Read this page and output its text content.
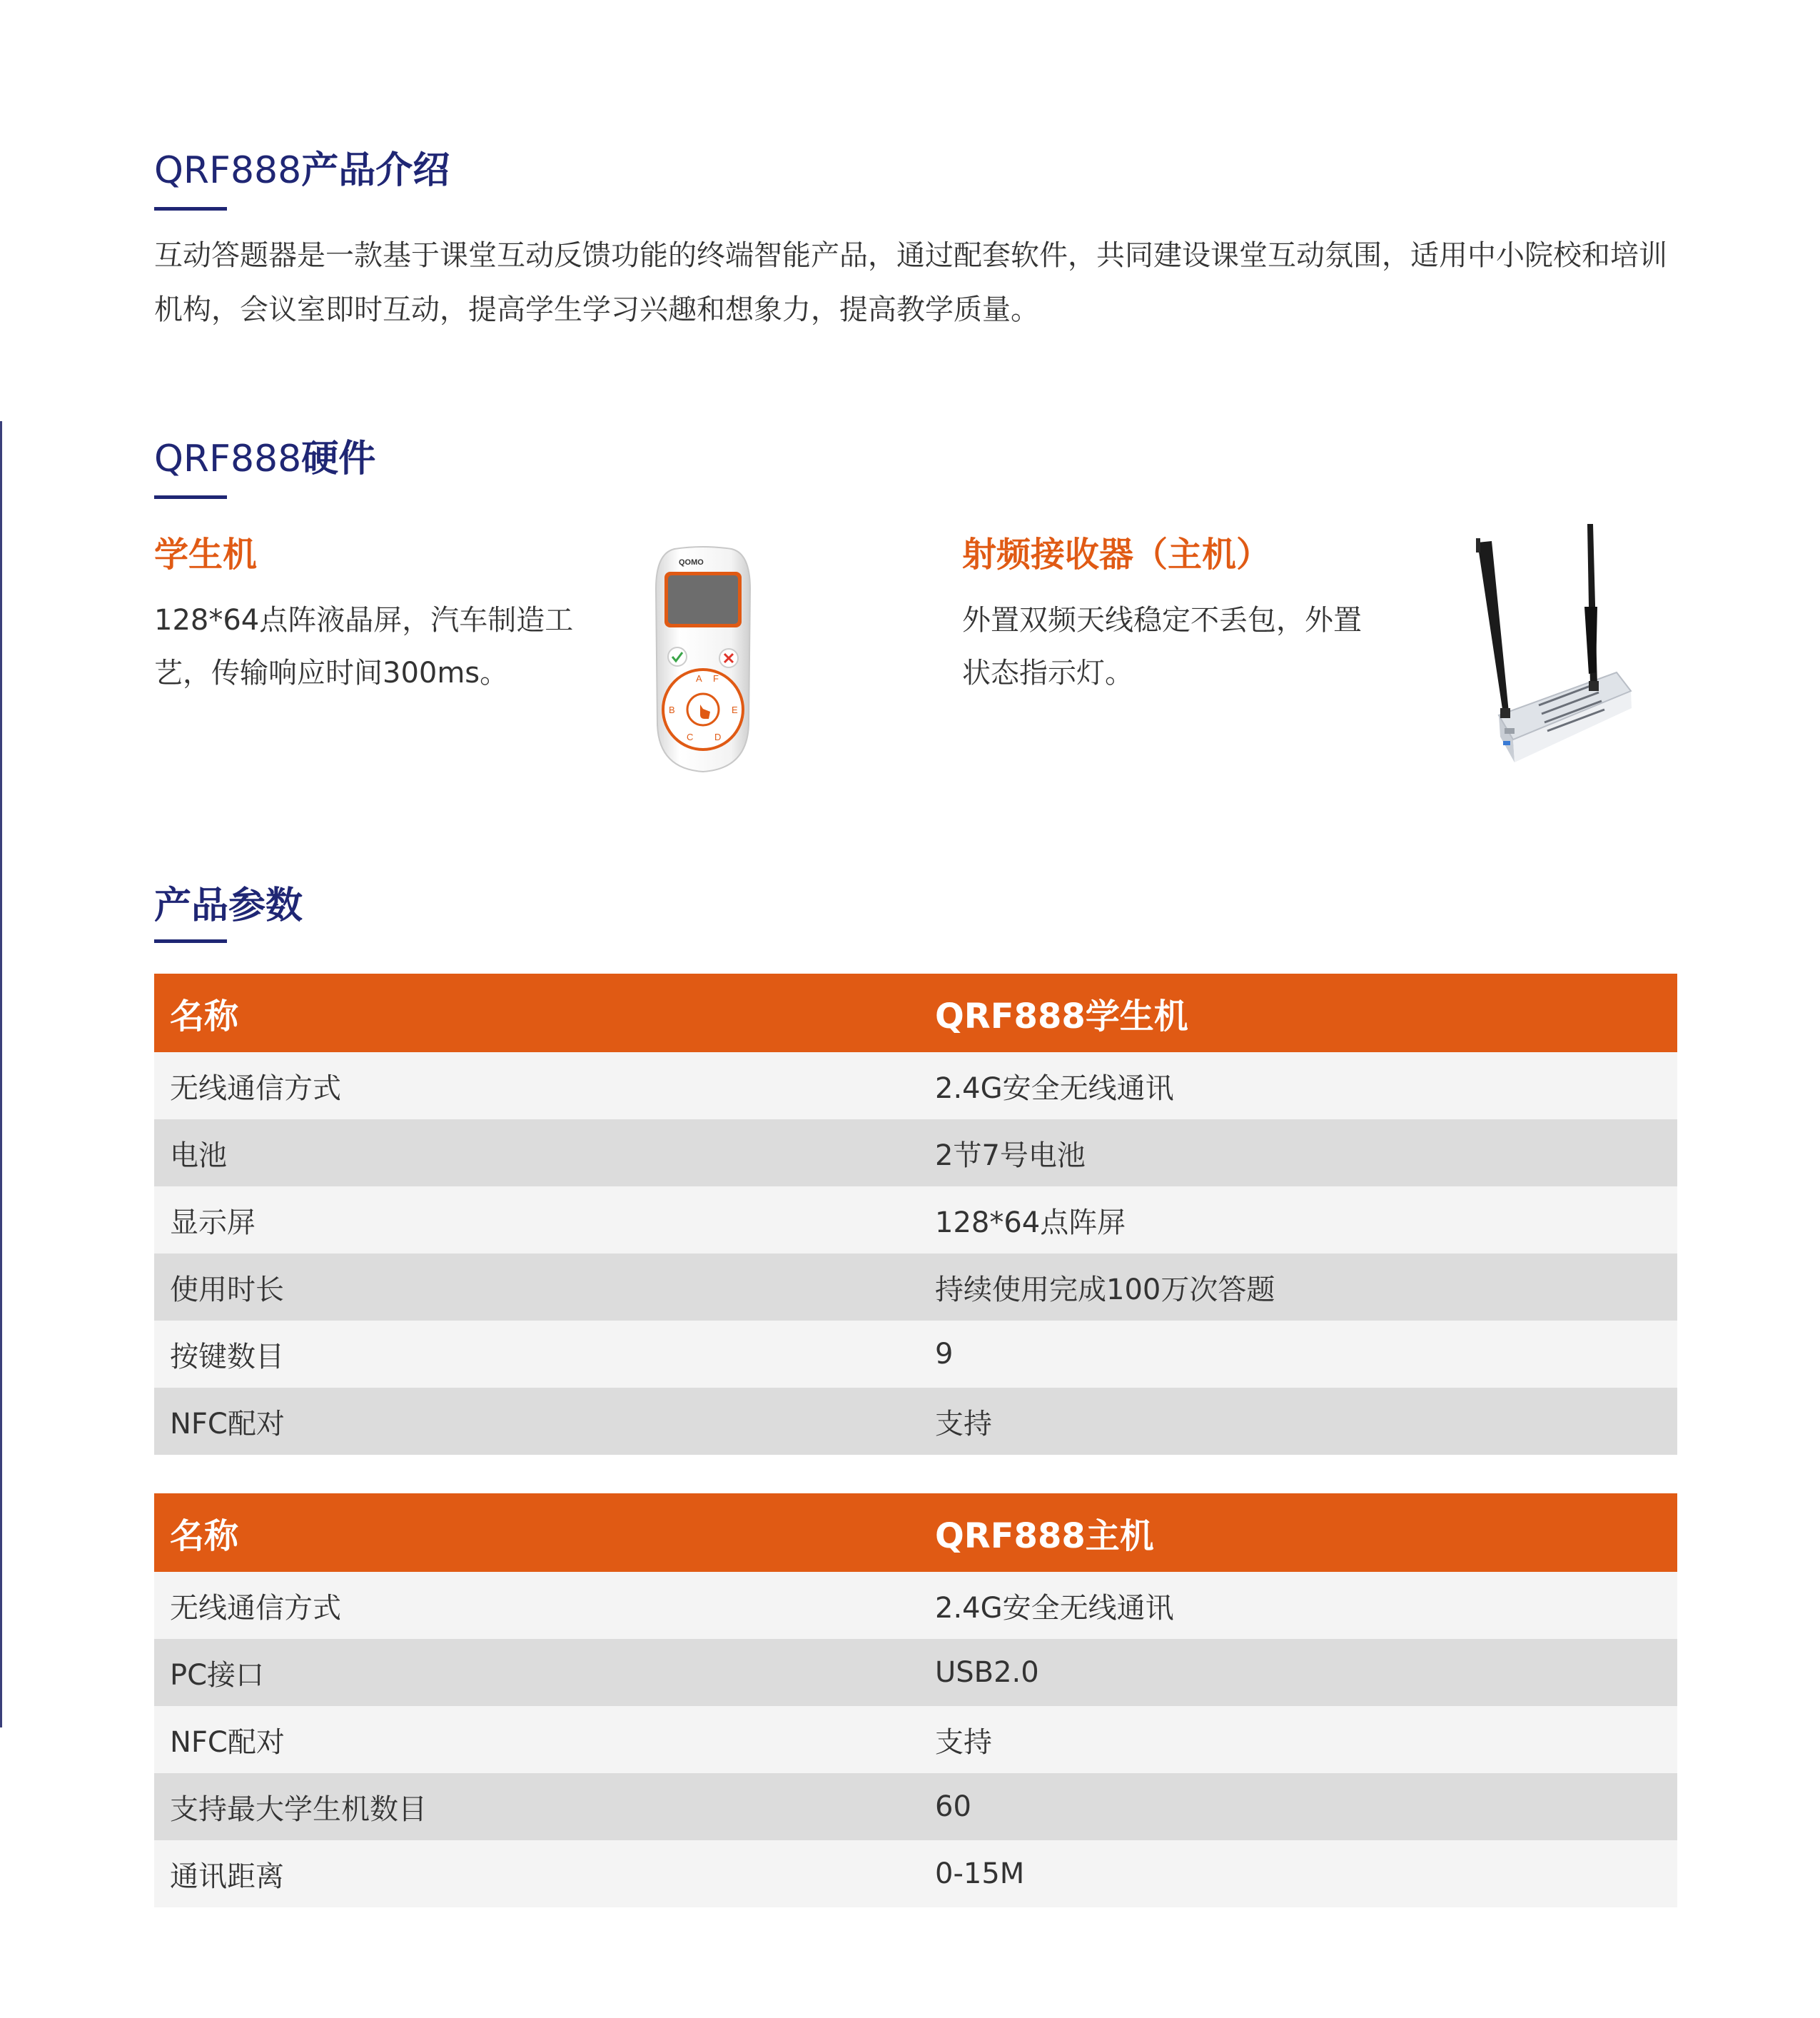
QRF888产品介绍

互动答题器是一款基于课堂互动反馈功能的终端智能产品，通过配套软件，共同建设课堂互动氛围，适用中小院校和培训机构，会议室即时互动，提高学生学习兴趣和想象力，提高教学质量。

QRF888硬件
学生机

128*64点阵液晶屏，汽车制造工艺，传输响应时间300ms。

QOMO
A
B
C D
E
F
射频接收器（主机）

外置双频天线稳定不丢包，外置状态指示灯。

产品参数
名称	QRF888学生机
无线通信方式	2.4G安全无线通讯
电池	2节7号电池
显示屏	128*64点阵屏
使用时长	持续使用完成100万次答题
按键数目	9
NFC配对	支持
名称	QRF888主机
无线通信方式	2.4G安全无线通讯
PC接口	USB2.0
NFC配对	支持
支持最大学生机数目	60
通讯距离	0-15M
